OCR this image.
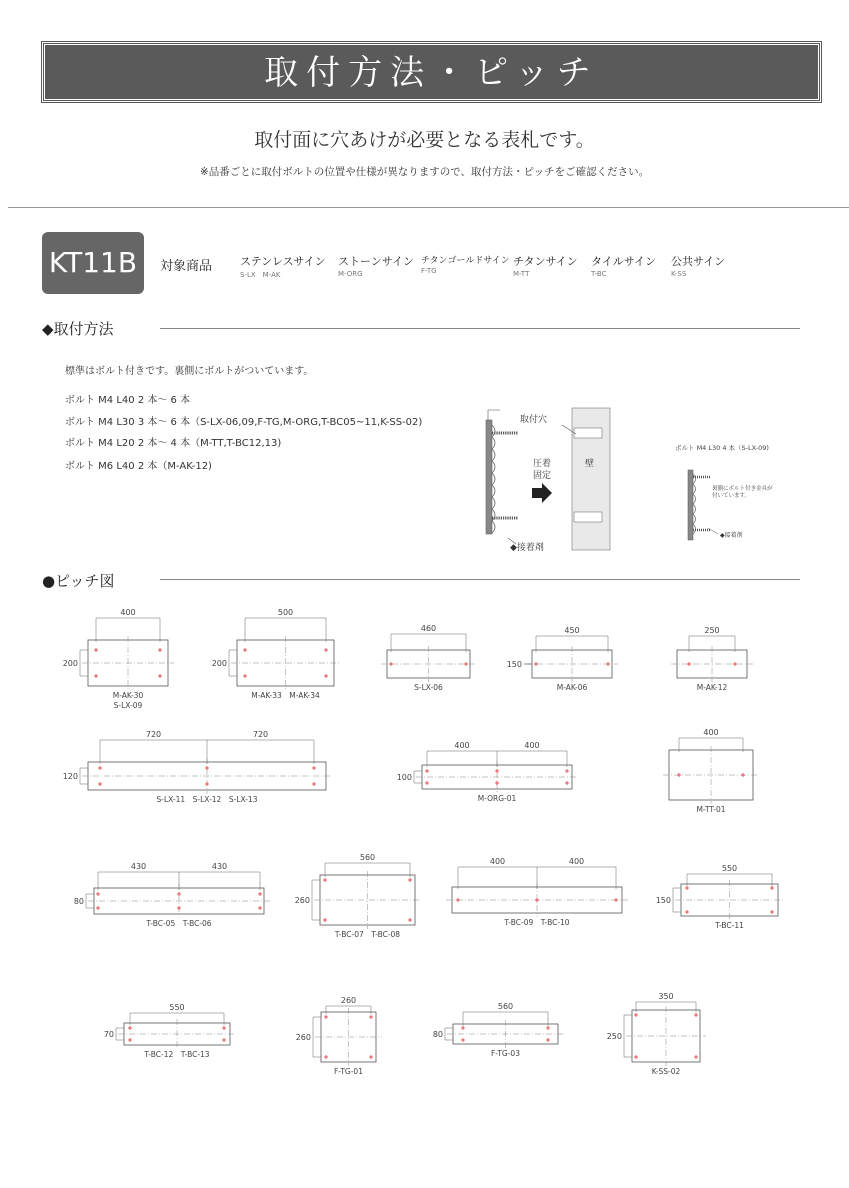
取付方法・ピッチ
取付面に穴あけが必要となる表札です。
※品番ごとに取付ボルトの位置や仕様が異なりますので、取付方法・ピッチをご確認ください。
KT11B	対象商品	ステンレスサイン
S-LX　M-AK
ストーンサイン
M-ORG
チタンゴールドサイン
F-TG
チタンサイン
M-TT
タイルサイン
T-BC
公共サイン
K-SS
◆取付方法
標準はボルト付きです。裏側にボルトがついています。
ボルト M4 L40 2 本～ 6 本
ボルト M4 L30 3 本～ 6 本（S-LX-06,09,F-TG,M-ORG,T-BC05~11,K-SS-02)
ボルト M4 L20 2 本～ 4 本（M-TT,T-BC12,13)
ボルト M6 L40 2 本（M-AK-12)
取付穴
圧着
固定
壁
◆接着剤
ボルト M4 L30 4 本（S-LX-09)
裏側にボルト付き金具が
付いています。
◆接着剤
●ピッチ図
400
200
M-AK-30
S-LX-09
500
200
M-AK-33　M-AK-34
460
S-LX-06
450
150
M-AK-06
250
M-AK-12
720	720
120
S-LX-11　S-LX-12　S-LX-13
400	400
100
M-ORG-01
400
M-TT-01
430	430
80
T-BC-05　T-BC-06
560
260
T-BC-07　T-BC-08
400	400
T-BC-09　T-BC-10
550
150
T-BC-11
550
70
T-BC-12　T-BC-13
260
260
F-TG-01
560
80
F-TG-03
350
250
K-SS-02
